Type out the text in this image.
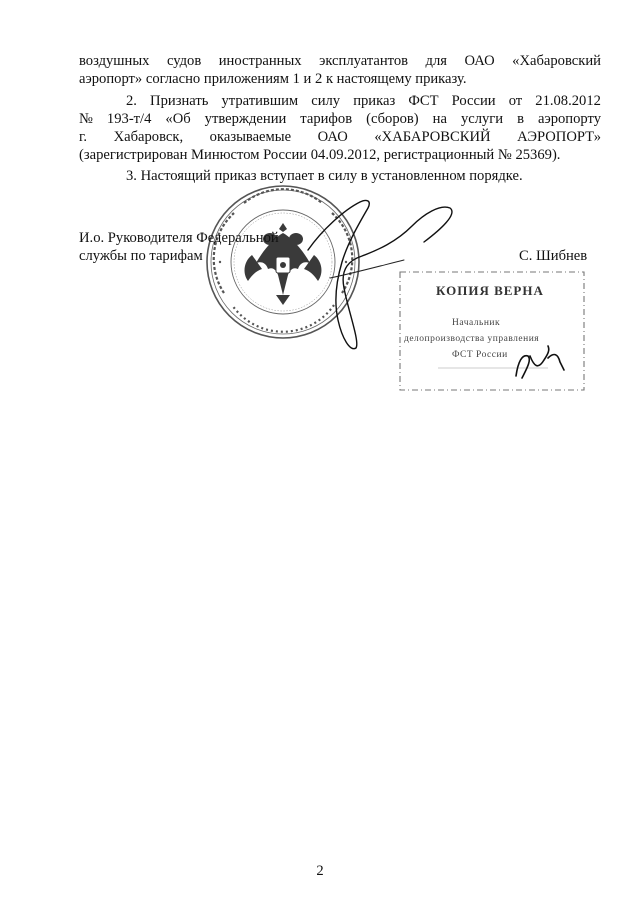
воздушных судов иностранных эксплуатантов для ОАО «Хабаровский
аэропорт» согласно приложениям 1 и 2 к настоящему приказу.
2. Признать утратившим силу приказ ФСТ России от 21.08.2012
№ 193-т/4 «Об утверждении тарифов (сборов) на услуги в аэропорту
г. Хабаровск, оказываемые ОАО «ХАБАРОВСКИЙ АЭРОПОРТ»
(зарегистрирован Минюстом России 04.09.2012, регистрационный № 25369).
3. Настоящий приказ вступает в силу в установленном порядке.
И.о. Руководителя Федеральной
службы по тарифам	С. Шибнев
КОПИЯ ВЕРНА
Начальник
делопроизводства управления
ФСТ России
2
